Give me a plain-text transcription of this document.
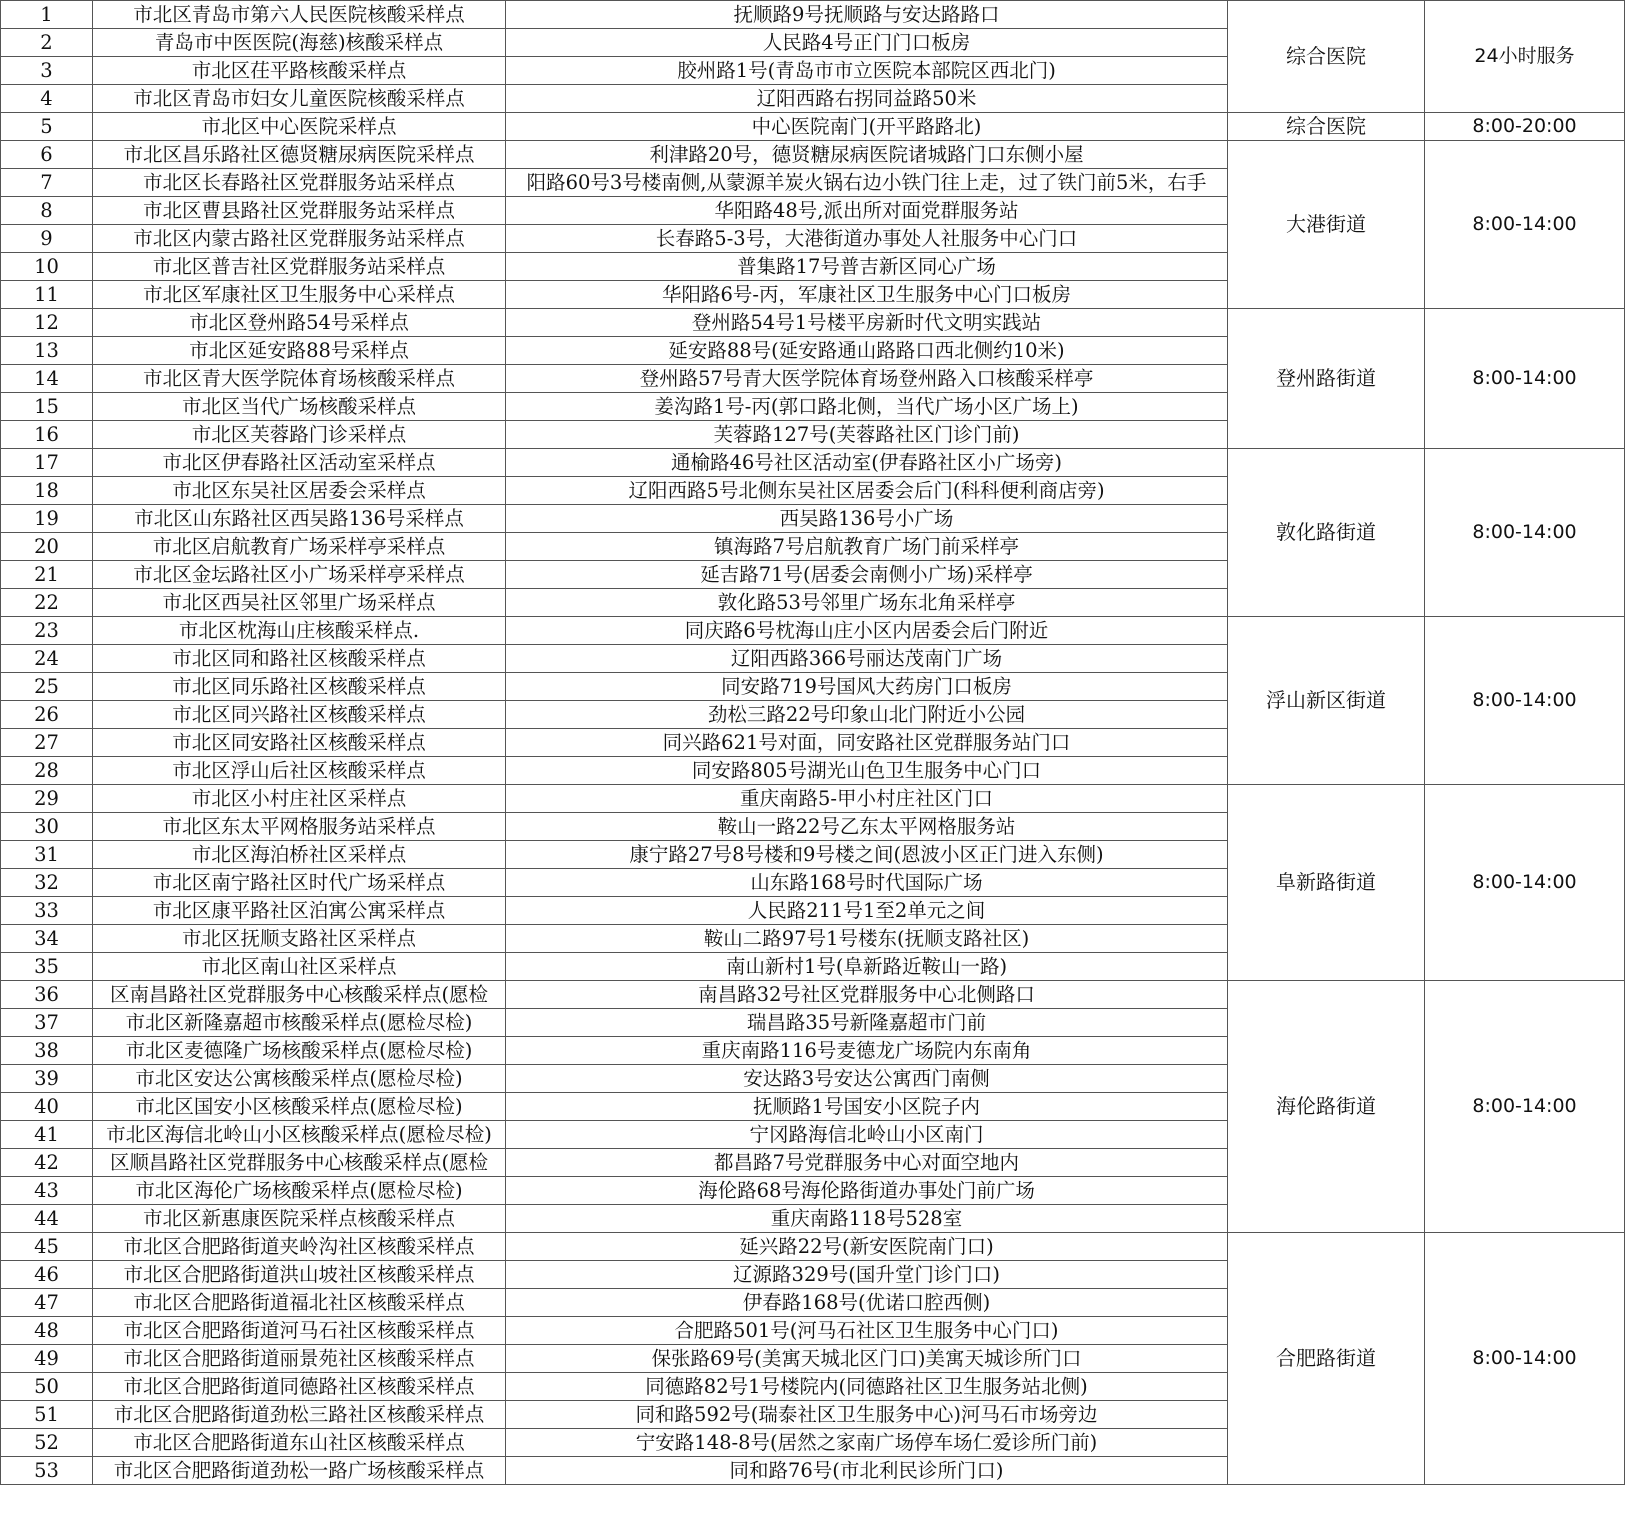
1	市北区青岛市第六人民医院核酸采样点	抚顺路9号抚顺路与安达路路口	综合医院	24小时服务
2	青岛市中医医院(海慈)核酸采样点	人民路4号正门门口板房		
3	市北区茌平路核酸采样点	胶州路1号(青岛市市立医院本部院区西北门)		
4	市北区青岛市妇女儿童医院核酸采样点	辽阳西路右拐同益路50米		
5	市北区中心医院采样点	中心医院南门(开平路路北)	综合医院	8:00-20:00
6	市北区昌乐路社区德贤糖尿病医院采样点	利津路20号，德贤糖尿病医院诸城路门口东侧小屋	大港街道	8:00-14:00
7	市北区长春路社区党群服务站采样点	阳路60号3号楼南侧,从蒙源羊炭火锅右边小铁门往上走，过了铁门前5米，右手		
8	市北区曹县路社区党群服务站采样点	华阳路48号,派出所对面党群服务站		
9	市北区内蒙古路社区党群服务站采样点	长春路5-3号，大港街道办事处人社服务中心门口		
10	市北区普吉社区党群服务站采样点	普集路17号普吉新区同心广场		
11	市北区军康社区卫生服务中心采样点	华阳路6号-丙，军康社区卫生服务中心门口板房		
12	市北区登州路54号采样点	登州路54号1号楼平房新时代文明实践站	登州路街道	8:00-14:00
13	市北区延安路88号采样点	延安路88号(延安路通山路路口西北侧约10米)		
14	市北区青大医学院体育场核酸采样点	登州路57号青大医学院体育场登州路入口核酸采样亭		
15	市北区当代广场核酸采样点	姜沟路1号-丙(郭口路北侧，当代广场小区广场上)		
16	市北区芙蓉路门诊采样点	芙蓉路127号(芙蓉路社区门诊门前)		
17	市北区伊春路社区活动室采样点	通榆路46号社区活动室(伊春路社区小广场旁)	敦化路街道	8:00-14:00
18	市北区东吴社区居委会采样点	辽阳西路5号北侧东吴社区居委会后门(科科便利商店旁)		
19	市北区山东路社区西吴路136号采样点	西吴路136号小广场		
20	市北区启航教育广场采样亭采样点	镇海路7号启航教育广场门前采样亭		
21	市北区金坛路社区小广场采样亭采样点	延吉路71号(居委会南侧小广场)采样亭		
22	市北区西吴社区邻里广场采样点	敦化路53号邻里广场东北角采样亭		
23	市北区枕海山庄核酸采样点.	同庆路6号枕海山庄小区内居委会后门附近	浮山新区街道	8:00-14:00
24	市北区同和路社区核酸采样点	辽阳西路366号丽达茂南门广场		
25	市北区同乐路社区核酸采样点	同安路719号国风大药房门口板房		
26	市北区同兴路社区核酸采样点	劲松三路22号印象山北门附近小公园		
27	市北区同安路社区核酸采样点	同兴路621号对面，同安路社区党群服务站门口		
28	市北区浮山后社区核酸采样点	同安路805号湖光山色卫生服务中心门口		
29	市北区小村庄社区采样点	重庆南路5-甲小村庄社区门口	阜新路街道	8:00-14:00
30	市北区东太平网格服务站采样点	鞍山一路22号乙东太平网格服务站		
31	市北区海泊桥社区采样点	康宁路27号8号楼和9号楼之间(恩波小区正门进入东侧)		
32	市北区南宁路社区时代广场采样点	山东路168号时代国际广场		
33	市北区康平路社区泊寓公寓采样点	人民路211号1至2单元之间		
34	市北区抚顺支路社区采样点	鞍山二路97号1号楼东(抚顺支路社区)		
35	市北区南山社区采样点	南山新村1号(阜新路近鞍山一路)		
36	区南昌路社区党群服务中心核酸采样点(愿检	南昌路32号社区党群服务中心北侧路口	海伦路街道	8:00-14:00
37	市北区新隆嘉超市核酸采样点(愿检尽检)	瑞昌路35号新隆嘉超市门前		
38	市北区麦德隆广场核酸采样点(愿检尽检)	重庆南路116号麦德龙广场院内东南角		
39	市北区安达公寓核酸采样点(愿检尽检)	安达路3号安达公寓西门南侧		
40	市北区国安小区核酸采样点(愿检尽检)	抚顺路1号国安小区院子内		
41	市北区海信北岭山小区核酸采样点(愿检尽检)	宁冈路海信北岭山小区南门		
42	区顺昌路社区党群服务中心核酸采样点(愿检	都昌路7号党群服务中心对面空地内		
43	市北区海伦广场核酸采样点(愿检尽检)	海伦路68号海伦路街道办事处门前广场		
44	市北区新惠康医院采样点核酸采样点	重庆南路118号528室		
45	市北区合肥路街道夹岭沟社区核酸采样点	延兴路22号(新安医院南门口)	合肥路街道	8:00-14:00
46	市北区合肥路街道洪山坡社区核酸采样点	辽源路329号(国升堂门诊门口)		
47	市北区合肥路街道福北社区核酸采样点	伊春路168号(优诺口腔西侧)		
48	市北区合肥路街道河马石社区核酸采样点	合肥路501号(河马石社区卫生服务中心门口)		
49	市北区合肥路街道丽景苑社区核酸采样点	保张路69号(美寓天城北区门口)美寓天城诊所门口		
50	市北区合肥路街道同德路社区核酸采样点	同德路82号1号楼院内(同德路社区卫生服务站北侧)		
51	市北区合肥路街道劲松三路社区核酸采样点	同和路592号(瑞泰社区卫生服务中心)河马石市场旁边		
52	市北区合肥路街道东山社区核酸采样点	宁安路148-8号(居然之家南广场停车场仁爱诊所门前)		
53	市北区合肥路街道劲松一路广场核酸采样点	同和路76号(市北利民诊所门口)		
